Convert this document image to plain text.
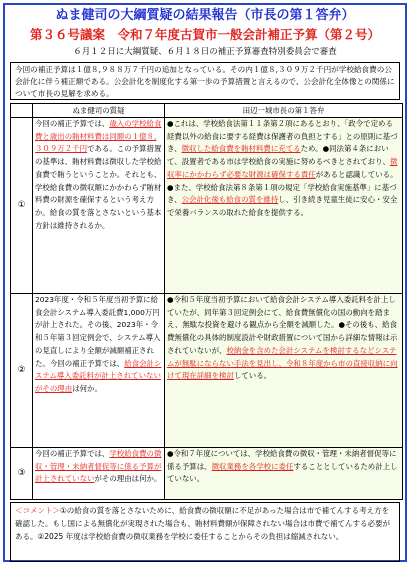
ぬま健司の大綱質疑の結果報告（市長の第１答弁）
第３６号議案　令和７年度古賀市一般会計補正予算（第２号）
６月１２日に大綱質疑、６月１８日の補正予算審査特別委員会で審査
今回の補正予算は１億８,９８８万７千円の追加となっている。その内１億８,３０９万２千円が学校給食費の公会計化に伴う補正額である。公会計化を制度化する第一歩の予算措置と言えるので、公会計化全体像との関係について市長の見解を求める。
	ぬま健司の質疑	田辺一城市長の第１答弁
①	今回の補正予算では、歳入の学校給食費と歳出の賄材料費は同額の１億８,３０９万２千円である。この予算措置の基準は、賄材料費は徴収した学校給食費で賄うということか。それとも、学校給食費の徴収額にかかわらず賄材料費の財源を確保するという考え方か。給食の質を落とさないという基本方針は維持されるか。	●これは、学校給食法第１１条第２項にあるとおり、「政令で定める経費以外の給食に要する経費は保護者の負担とする」との原則に基づき、徴収した給食費を賄材料費に充てるため。●同法第４条において、設置者である市は学校給食の実施に努めるべきとされており、徴収率にかかわらず必要な財源は確保する責任があると認識している。●また、学校給食法第８条第１項の規定「学校給食実施基準」に基づき、公会計化後も給食の質を維持し、引き続き児童生徒に安心・安全で栄養バランスの取れた給食を提供する。
②	2023年度・令和５年度当初予算に給食会計システム導入委託費1,000万円が計上された。その後、2023年・令和５年第３回定例会で、システム導入の見直しにより全額が減額補正された。今回の補正予算では、給食会計システム導入委託料が計上されていないがその理由は何か。	●令和５年度当初予算において給食会計システム導入委託料を計上していたが、同年第３回定例会にて、給食費無償化の国の動向を踏まえ、無駄な投資を避ける観点から全額を減額した。●その後も、給食費無償化の具体的制度設計や財政措置について国から詳細な情報は示されていないが、校納金を含めた会計システムを検討するなどシステムが無駄にならない手法を見出し、令和８年度から市の直接収納に向けて現在詳細を検討している。
③	今回の補正予算では、学校給食費の徴収・管理・未納者督促等に係る予算が計上されていないがその理由は何か。	●令和７年度については、学校給食費の徴収・管理・未納者督促等に係る予算は、徴収業務を各学校に委任することとしているため計上していない。
＜コメント＞①の給食の質を落とさないために、給食費の徴収額に不足があった場合は市で補てんする考え方を確認した。もし国による無償化が実現された場合も、賄材料費額が保障されない場合は市費で補てんする必要がある。②2025 年度は学校給食費の徴収業務を学校に委任することからその負担は縮減されない。
